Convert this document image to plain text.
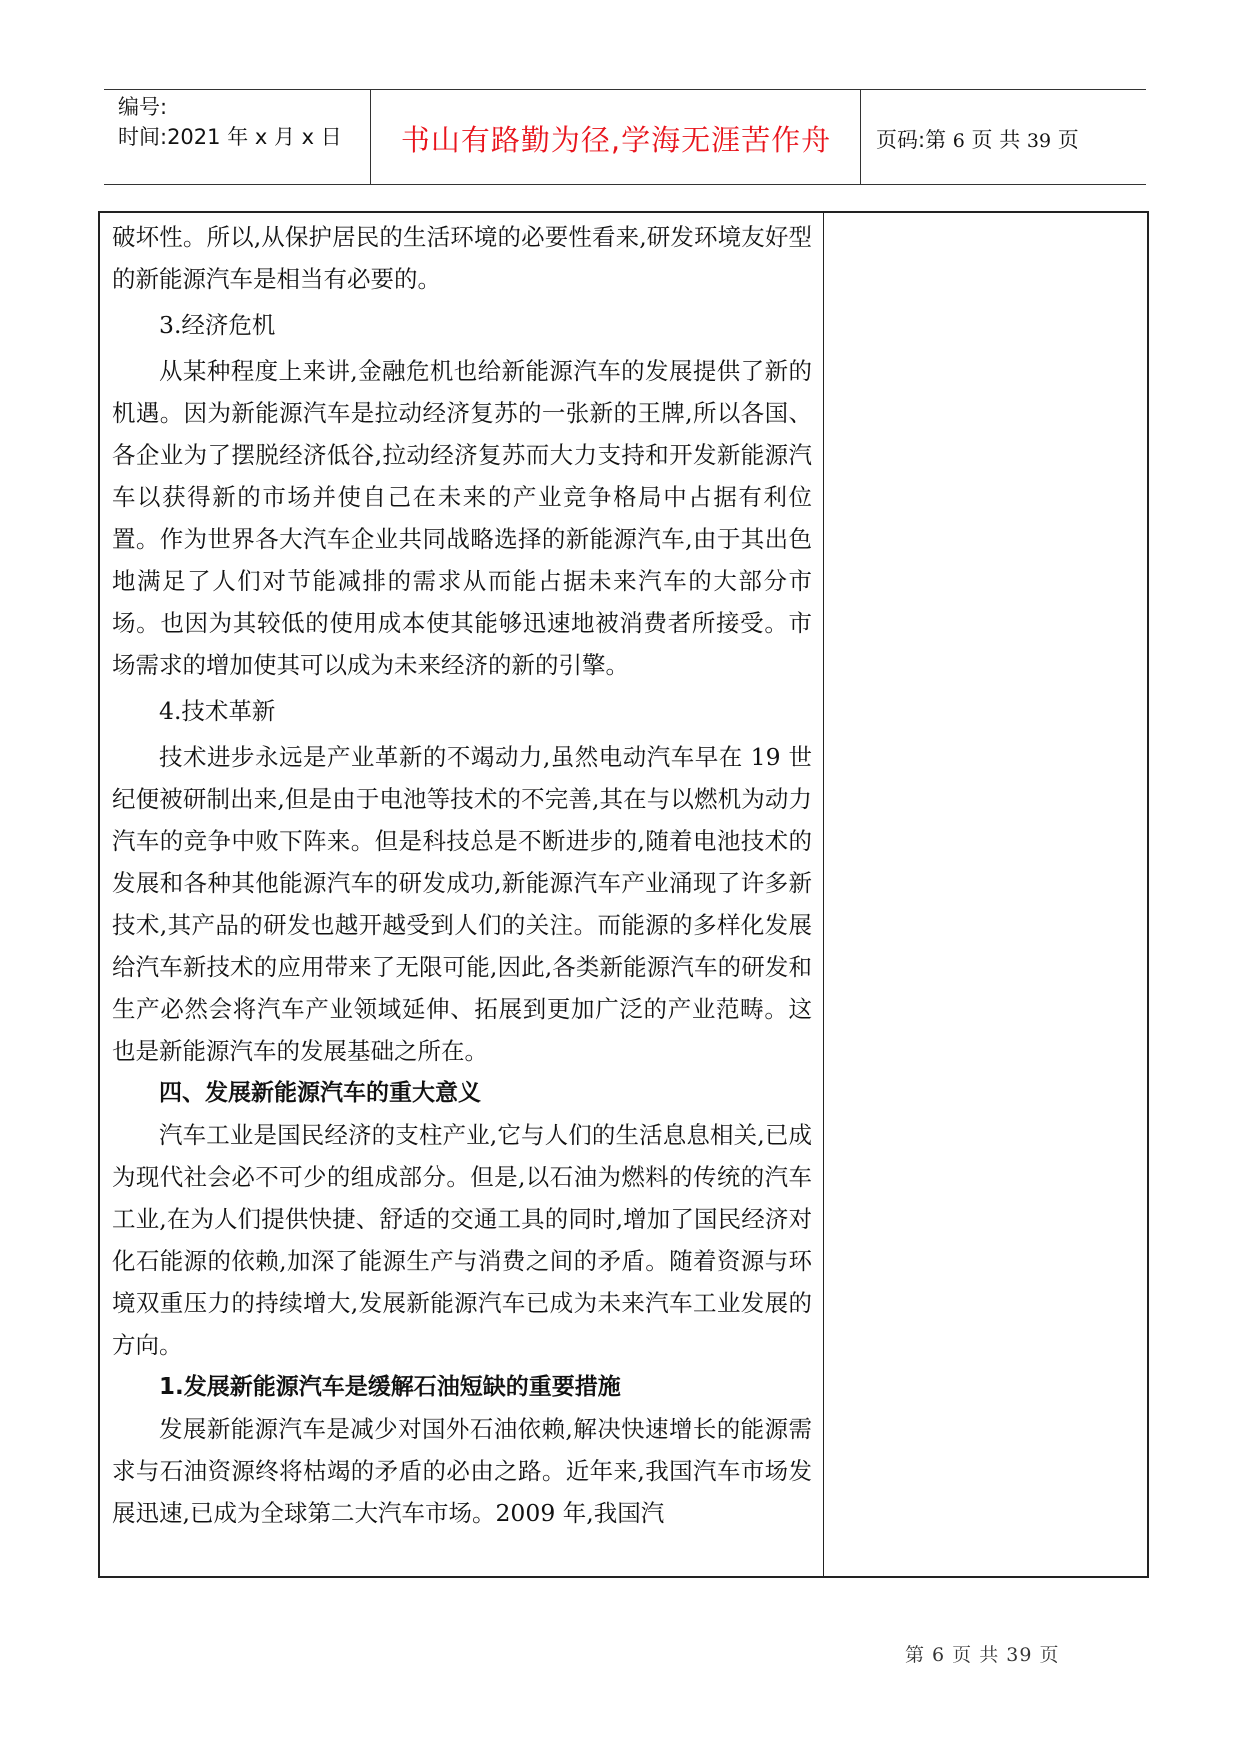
编号:
时间:2021 年 x 月 x 日	书山有路勤为径,学海无涯苦作舟	页码:第 6 页 共 39 页

破坏性。所以,从保护居民的生活环境的必要性看来,研发环境友好型的新能源汽车是相当有必要的。

3.经济危机

从某种程度上来讲,金融危机也给新能源汽车的发展提供了新的机遇。因为新能源汽车是拉动经济复苏的一张新的王牌,所以各国、各企业为了摆脱经济低谷,拉动经济复苏而大力支持和开发新能源汽车以获得新的市场并使自己在未来的产业竞争格局中占据有利位置。作为世界各大汽车企业共同战略选择的新能源汽车,由于其出色地满足了人们对节能减排的需求从而能占据未来汽车的大部分市场。也因为其较低的使用成本使其能够迅速地被消费者所接受。市场需求的增加使其可以成为未来经济的新的引擎。

4.技术革新

技术进步永远是产业革新的不竭动力,虽然电动汽车早在 19 世纪便被研制出来,但是由于电池等技术的不完善,其在与以燃机为动力汽车的竞争中败下阵来。但是科技总是不断进步的,随着电池技术的发展和各种其他能源汽车的研发成功,新能源汽车产业涌现了许多新技术,其产品的研发也越开越受到人们的关注。而能源的多样化发展给汽车新技术的应用带来了无限可能,因此,各类新能源汽车的研发和生产必然会将汽车产业领域延伸、拓展到更加广泛的产业范畴。这也是新能源汽车的发展基础之所在。

四、发展新能源汽车的重大意义

汽车工业是国民经济的支柱产业,它与人们的生活息息相关,已成为现代社会必不可少的组成部分。但是,以石油为燃料的传统的汽车工业,在为人们提供快捷、舒适的交通工具的同时,增加了国民经济对化石能源的依赖,加深了能源生产与消费之间的矛盾。随着资源与环境双重压力的持续增大,发展新能源汽车已成为未来汽车工业发展的方向。

1.发展新能源汽车是缓解石油短缺的重要措施

发展新能源汽车是减少对国外石油依赖,解决快速增长的能源需求与石油资源终将枯竭的矛盾的必由之路。近年来,我国汽车市场发展迅速,已成为全球第二大汽车市场。2009 年,我国汽

第 6 页 共 39 页
